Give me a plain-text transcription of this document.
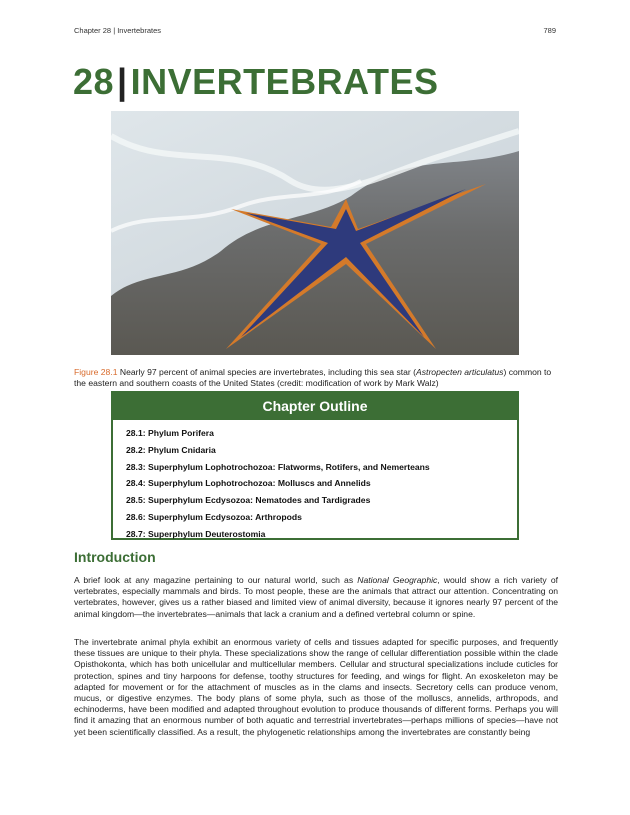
Chapter 28 | Invertebrates	789
28|INVERTEBRATES

Figure 28.1 Nearly 97 percent of animal species are invertebrates, including this sea star (Astropecten articulatus) common to the eastern and southern coasts of the United States (credit: modification of work by Mark Walz)

Chapter Outline
28.1: Phylum Porifera
28.2: Phylum Cnidaria
28.3: Superphylum Lophotrochozoa: Flatworms, Rotifers, and Nemerteans
28.4: Superphylum Lophotrochozoa: Molluscs and Annelids
28.5: Superphylum Ecdysozoa: Nematodes and Tardigrades
28.6: Superphylum Ecdysozoa: Arthropods
28.7: Superphylum Deuterostomia
Introduction

A brief look at any magazine pertaining to our natural world, such as National Geographic, would show a rich variety of vertebrates, especially mammals and birds. To most people, these are the animals that attract our attention. Concentrating on vertebrates, however, gives us a rather biased and limited view of animal diversity, because it ignores nearly 97 percent of the animal kingdom—the invertebrates—animals that lack a cranium and a defined vertebral column or spine.

The invertebrate animal phyla exhibit an enormous variety of cells and tissues adapted for specific purposes, and frequently these tissues are unique to their phyla. These specializations show the range of cellular differentiation possible within the clade Opisthokonta, which has both unicellular and multicellular members. Cellular and structural specializations include cuticles for protection, spines and tiny harpoons for defense, toothy structures for feeding, and wings for flight. An exoskeleton may be adapted for movement or for the attachment of muscles as in the clams and insects. Secretory cells can produce venom, mucus, or digestive enzymes. The body plans of some phyla, such as those of the molluscs, annelids, arthropods, and echinoderms, have been modified and adapted throughout evolution to produce thousands of different forms. Perhaps you will find it amazing that an enormous number of both aquatic and terrestrial invertebrates—perhaps millions of species—have not yet been scientifically classified. As a result, the phylogenetic relationships among the invertebrates are constantly being
